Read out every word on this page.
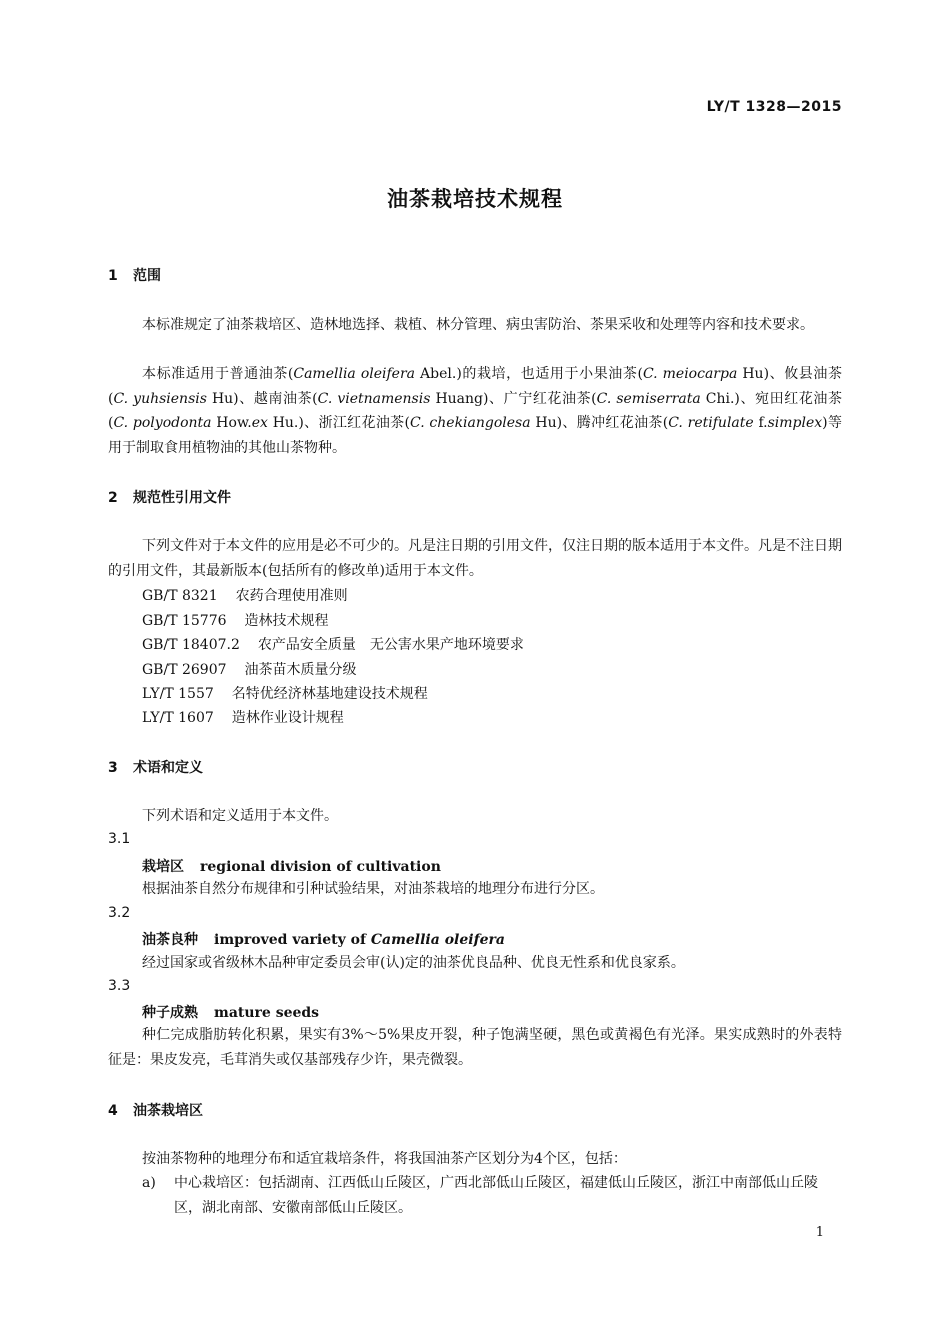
LY/T 1328—2015
油茶栽培技术规程
1 范围
本标准规定了油茶栽培区、造林地选择、栽植、林分管理、病虫害防治、茶果采收和处理等内容和技术要求。
本标准适用于普通油茶(Camellia oleifera Abel.)的栽培，也适用于小果油茶(C. meiocarpa Hu)、攸县油茶(C. yuhsiensis Hu)、越南油茶(C. vietnamensis Huang)、广宁红花油茶(C. semiserrata Chi.)、宛田红花油茶(C. polyodonta How.ex Hu.)、浙江红花油茶(C. chekiangolesa Hu)、腾冲红花油茶(C. retifulate f.simplex)等用于制取食用植物油的其他山茶物种。
2 规范性引用文件
下列文件对于本文件的应用是必不可少的。凡是注日期的引用文件，仅注日期的版本适用于本文件。凡是不注日期的引用文件，其最新版本(包括所有的修改单)适用于本文件。
GB/T 8321 农药合理使用准则
GB/T 15776 造林技术规程
GB/T 18407.2 农产品安全质量　无公害水果产地环境要求
GB/T 26907 油茶苗木质量分级
LY/T 1557 名特优经济林基地建设技术规程
LY/T 1607 造林作业设计规程
3 术语和定义
下列术语和定义适用于本文件。
3.1
栽培区 regional division of cultivation
根据油茶自然分布规律和引种试验结果，对油茶栽培的地理分布进行分区。
3.2
油茶良种 improved variety of Camellia oleifera
经过国家或省级林木品种审定委员会审(认)定的油茶优良品种、优良无性系和优良家系。
3.3
种子成熟 mature seeds
种仁完成脂肪转化积累，果实有3%～5%果皮开裂，种子饱满坚硬，黑色或黄褐色有光泽。果实成熟时的外表特征是：果皮发亮，毛茸消失或仅基部残存少许，果壳微裂。
4 油茶栽培区
按油茶物种的地理分布和适宜栽培条件，将我国油茶产区划分为4个区，包括：
a)	中心栽培区：包括湖南、江西低山丘陵区，广西北部低山丘陵区，福建低山丘陵区，浙江中南部低山丘陵区，湖北南部、安徽南部低山丘陵区。
1
